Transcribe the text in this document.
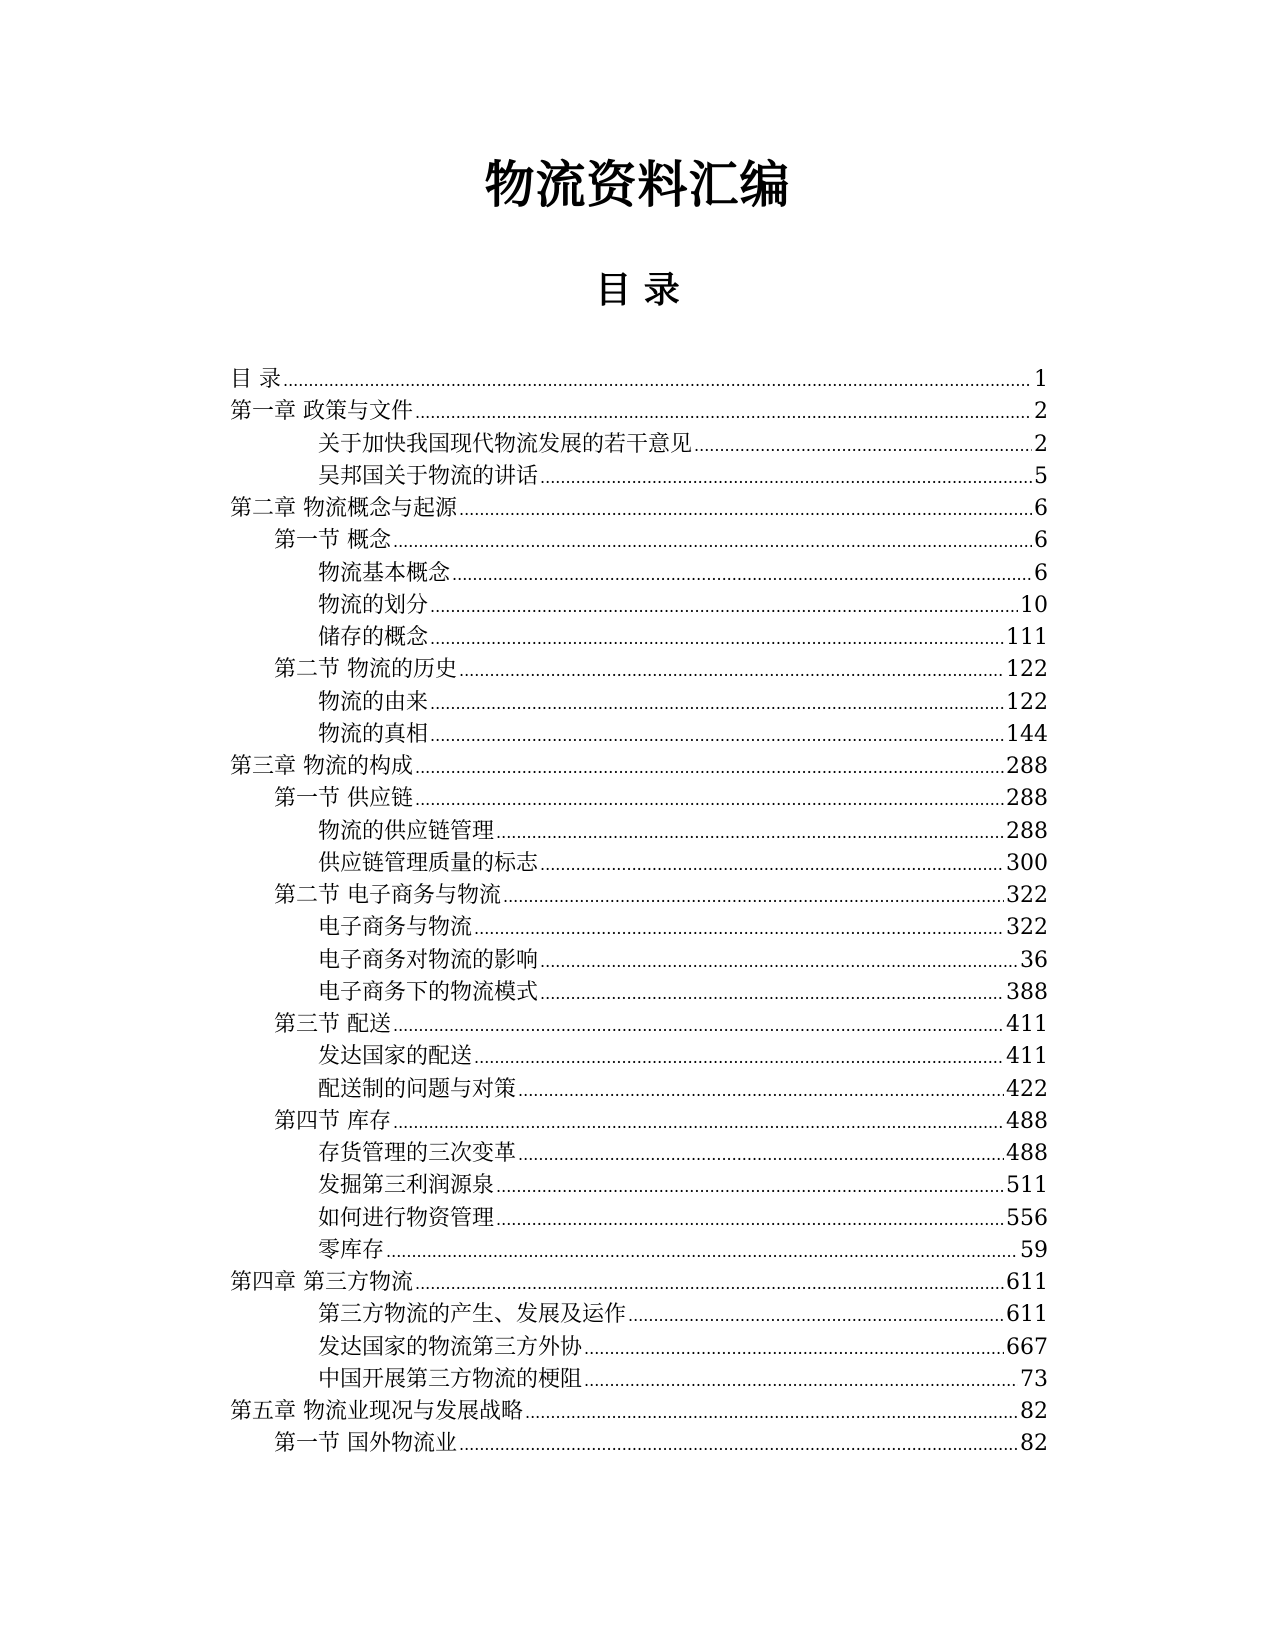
物流资料汇编
目 录
目 录 .....	1
第一章 政策与文件 .....	2
关于加快我国现代物流发展的若干意见 .....	2
吴邦国关于物流的讲话 .....	5
第二章 物流概念与起源 .....	6
第一节 概念 .....	6
物流基本概念 .....	6
物流的划分 .....	10
储存的概念 .....	111
第二节 物流的历史 .....	122
物流的由来 .....	122
物流的真相 .....	144
第三章 物流的构成 .....	288
第一节 供应链 .....	288
物流的供应链管理 .....	288
供应链管理质量的标志 .....	300
第二节 电子商务与物流 .....	322
电子商务与物流 .....	322
电子商务对物流的影响 .....	36
电子商务下的物流模式 .....	388
第三节 配送 .....	411
发达国家的配送 .....	411
配送制的问题与对策 .....	422
第四节 库存 .....	488
存货管理的三次变革 .....	488
发掘第三利润源泉 .....	511
如何进行物资管理 .....	556
零库存 .....	59
第四章 第三方物流 .....	611
第三方物流的产生、发展及运作 .....	611
发达国家的物流第三方外协 .....	667
中国开展第三方物流的梗阻 .....	73
第五章 物流业现况与发展战略 .....	82
第一节 国外物流业 .....	82
